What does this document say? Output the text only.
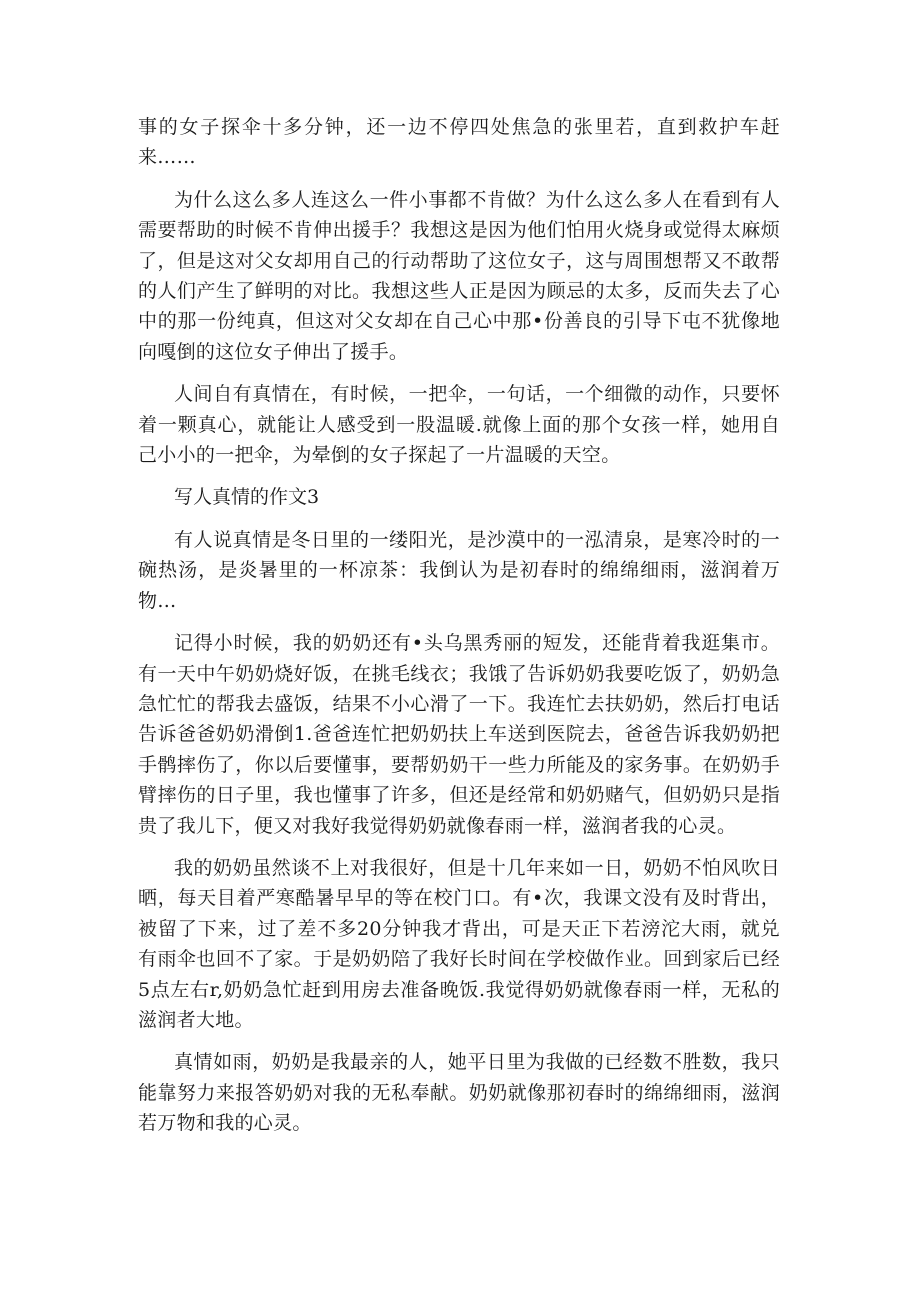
事的女子探伞十多分钟，还一边不停四处焦急的张里若，直到救护车赶来……

为什么这么多人连这么一件小事都不肯做？为什么这么多人在看到有人需要帮助的时候不肯伸出援手？我想这是因为他们怕用火烧身或觉得太麻烦了，但是这对父女却用自己的行动帮助了这位女子，这与周围想帮又不敢帮的人们产生了鲜明的对比。我想这些人正是因为顾忌的太多，反而失去了心中的那一份纯真，但这对父女却在自己心中那•份善良的引导下屯不犹像地向嘎倒的这位女子伸出了援手。

人间自有真情在，有时候，一把伞，一句话，一个细微的动作，只要怀着一颗真心，就能让人感受到一股温暖.就像上面的那个女孩一样，她用自己小小的一把伞，为晕倒的女子探起了一片温暖的天空。

写人真情的作文3

有人说真情是冬日里的一缕阳光，是沙漠中的一泓清泉，是寒冷时的一碗热汤，是炎暑里的一杯凉茶：我倒认为是初春时的绵绵细雨，滋润着万物…

记得小时候，我的奶奶还有•头乌黑秀丽的短发，还能背着我逛集市。有一天中午奶奶烧好饭，在挑毛线衣；我饿了告诉奶奶我要吃饭了，奶奶急急忙忙的帮我去盛饭，结果不小心滑了一下。我连忙去扶奶奶，然后打电话告诉爸爸奶奶滑倒1.爸爸连忙把奶奶扶上车送到医院去，爸爸告诉我奶奶把手鹘摔伤了，你以后要懂事，要帮奶奶干一些力所能及的家务事。在奶奶手臂摔伤的日子里，我也懂事了许多，但还是经常和奶奶赌气，但奶奶只是指贵了我儿下，便又对我好我觉得奶奶就像春雨一样，滋润者我的心灵。

我的奶奶虽然谈不上对我很好，但是十几年来如一日，奶奶不怕风吹日晒，每天目着严寒酷暑早早的等在校门口。有•次，我课文没有及时背出，被留了下来，过了差不多20分钟我才背出，可是天正下若滂沱大雨，就兑有雨伞也回不了家。于是奶奶陪了我好长时间在学校做作业。回到家后已经5点左右r,奶奶急忙赶到用房去准备晚饭.我觉得奶奶就像春雨一样，无私的滋润者大地。

真情如雨，奶奶是我最亲的人，她平日里为我做的已经数不胜数，我只能靠努力来报答奶奶对我的无私奉献。奶奶就像那初春时的绵绵细雨，滋润若万物和我的心灵。
